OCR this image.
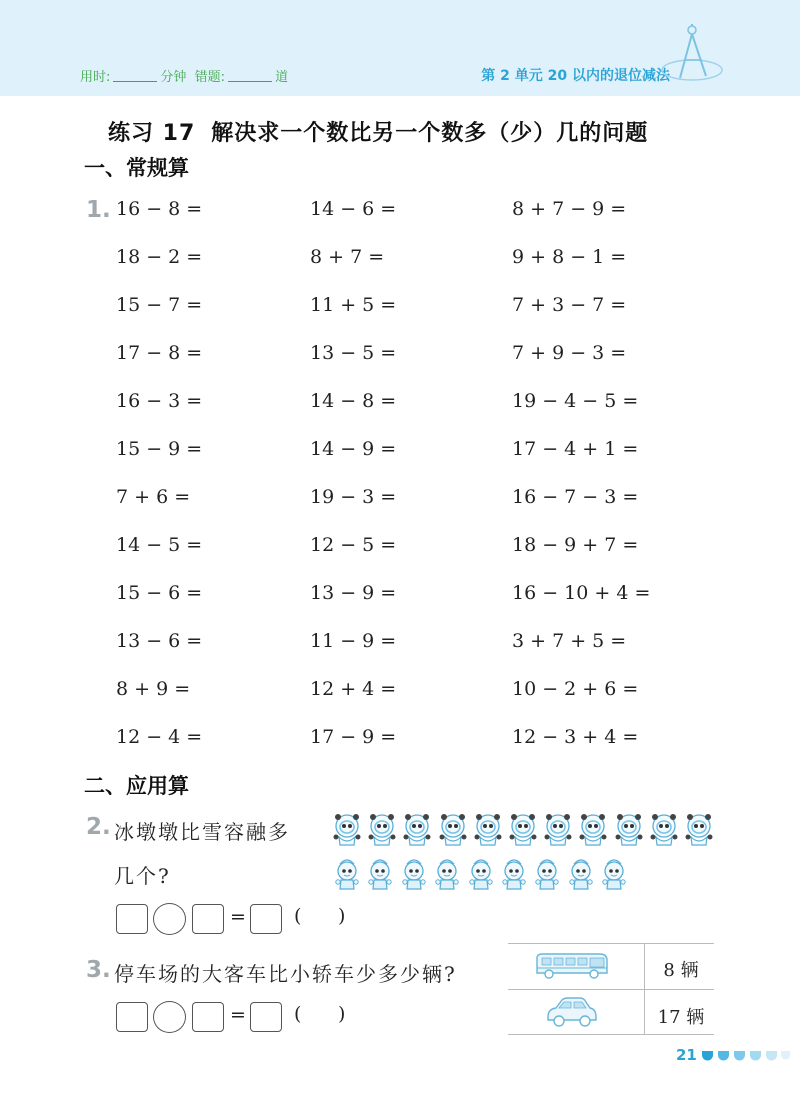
用时:	分钟 错题:	道	第 2 单元 20 以内的退位减法
练习 17 解决求一个数比另一个数多（少）几的问题
一、常规算
1. 16 − 8 =	14 − 6 =	8 + 7 − 9 =
18 − 2 =	8 + 7 =	9 + 8 − 1 =
15 − 7 =	11 + 5 =	7 + 3 − 7 =
17 − 8 =	13 − 5 =	7 + 9 − 3 =
16 − 3 =	14 − 8 =	19 − 4 − 5 =
15 − 9 =	14 − 9 =	17 − 4 + 1 =
7 + 6 =	19 − 3 =	16 − 7 − 3 =
14 − 5 =	12 − 5 =	18 − 9 + 7 =
15 − 6 =	13 − 9 =	16 − 10 + 4 =
13 − 6 =	11 − 9 =	3 + 7 + 5 =
8 + 9 =	12 + 4 =	10 − 2 + 6 =
12 − 4 =	17 − 9 =	12 − 3 + 4 =
二、应用算
2. 冰墩墩比雪容融多
几个?
=	( )
3. 停车场的大客车比小轿车少多少辆?	8 辆
17 辆
=	( )
21
